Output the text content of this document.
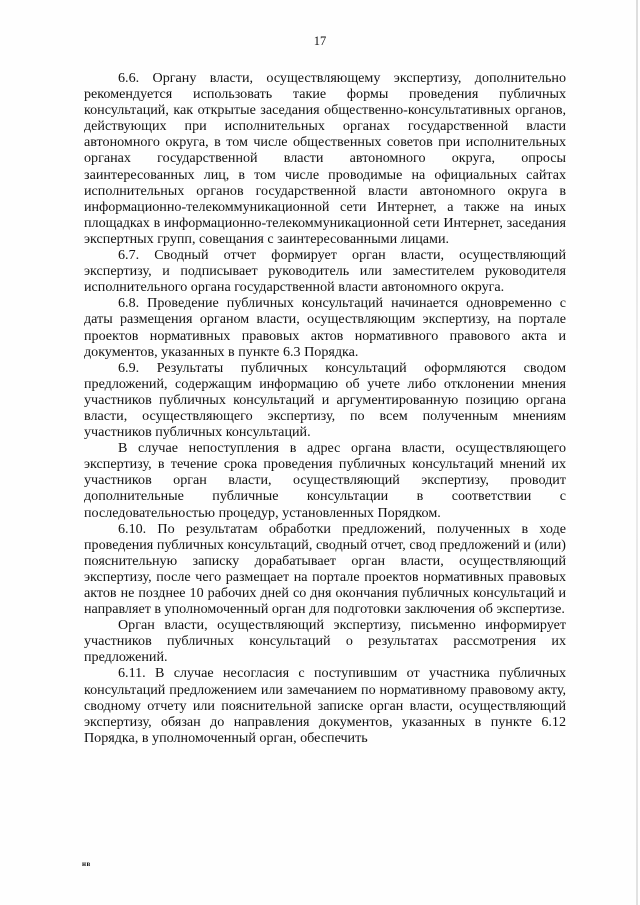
17

6.6. Органу власти, осуществляющему экспертизу, дополнительно рекомендуется использовать такие формы проведения публичных консультаций, как открытые заседания общественно-консультативных органов, действующих при исполнительных органах государственной власти автономного округа, в том числе общественных советов при исполнительных органах государственной власти автономного округа, опросы заинтересованных лиц, в том числе проводимые на официальных сайтах исполнительных органов государственной власти автономного округа в информационно-телекоммуникационной сети Интернет, а также на иных площадках в информационно-телекоммуникационной сети Интернет, заседания экспертных групп, совещания с заинтересованными лицами.

6.7. Сводный отчет формирует орган власти, осуществляющий экспертизу, и подписывает руководитель или заместителем руководителя исполнительного органа государственной власти автономного округа.

6.8. Проведение публичных консультаций начинается одновременно с даты размещения органом власти, осуществляющим экспертизу, на портале проектов нормативных правовых актов нормативного правового акта и документов, указанных в пункте 6.3 Порядка.

6.9. Результаты публичных консультаций оформляются сводом предложений, содержащим информацию об учете либо отклонении мнения участников публичных консультаций и аргументированную позицию органа власти, осуществляющего экспертизу, по всем полученным мнениям участников публичных консультаций.

В случае непоступления в адрес органа власти, осуществляющего экспертизу, в течение срока проведения публичных консультаций мнений их участников орган власти, осуществляющий экспертизу, проводит дополнительные публичные консультации в соответствии с последовательностью процедур, установленных Порядком.

6.10. По результатам обработки предложений, полученных в ходе проведения публичных консультаций, сводный отчет, свод предложений и (или) пояснительную записку дорабатывает орган власти, осуществляющий экспертизу, после чего размещает на портале проектов нормативных правовых актов не позднее 10 рабочих дней со дня окончания публичных консультаций и направляет в уполномоченный орган для подготовки заключения об экспертизе.

Орган власти, осуществляющий экспертизу, письменно информирует участников публичных консультаций о результатах рассмотрения их предложений.

6.11. В случае несогласия с поступившим от участника публичных консультаций предложением или замечанием по нормативному правовому акту, сводному отчету или пояснительной записке орган власти, осуществляющий экспертизу, обязан до направления документов, указанных в пункте 6.12 Порядка, в уполномоченный орган, обеспечить

нв
